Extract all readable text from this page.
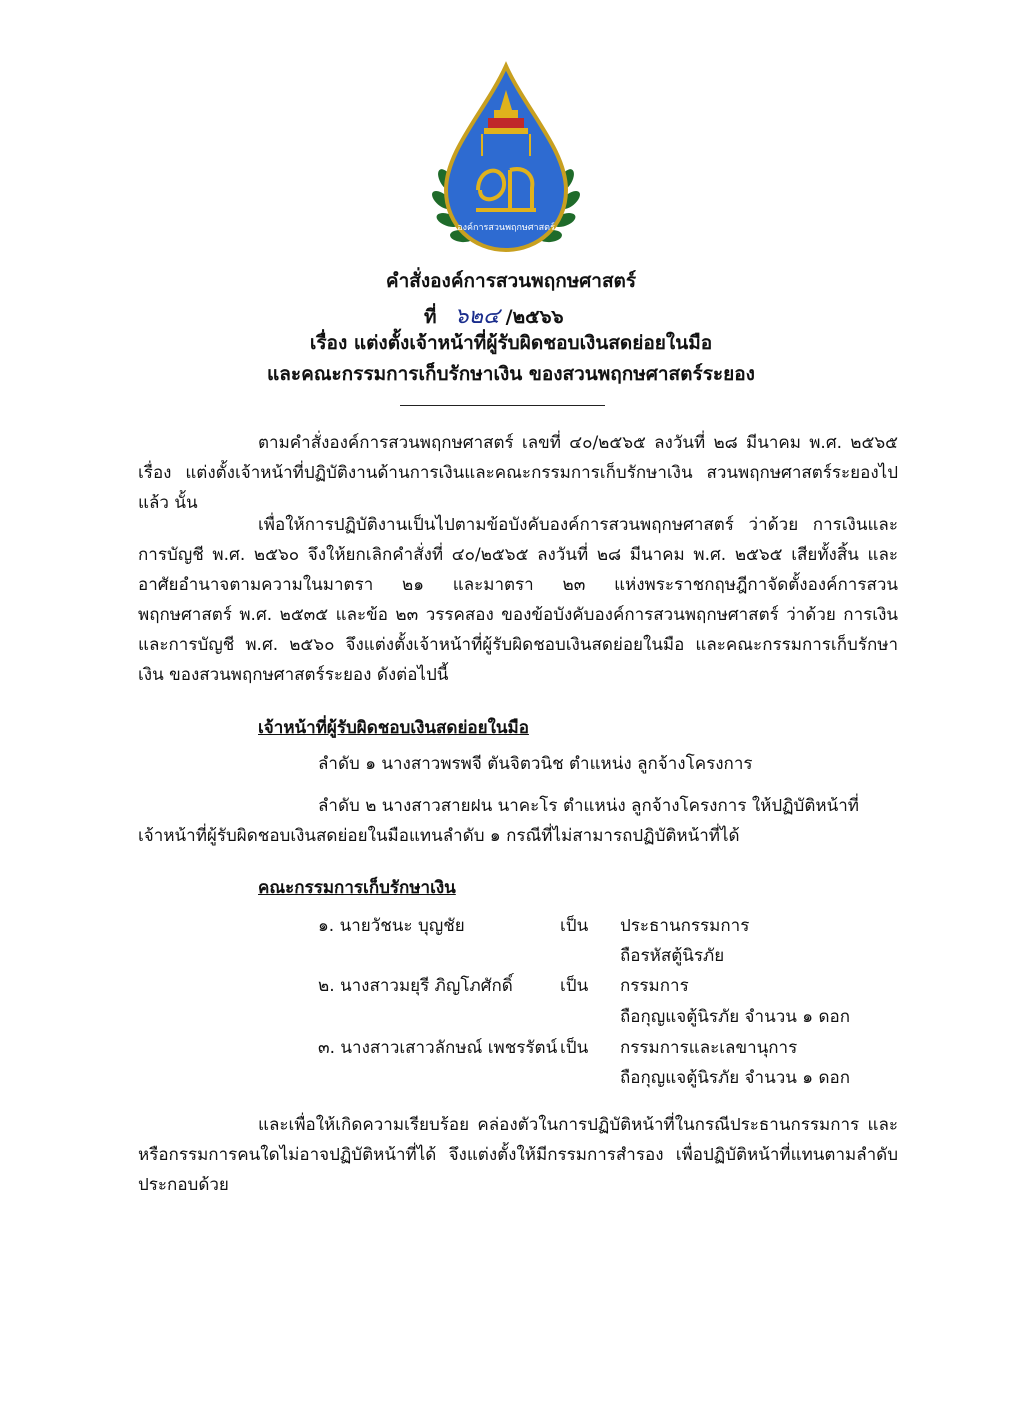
องค์การสวนพฤกษศาสตร์
คำสั่งองค์การสวนพฤกษศาสตร์
ที่ ๖๒๔ /๒๕๖๖
เรื่อง แต่งตั้งเจ้าหน้าที่ผู้รับผิดชอบเงินสดย่อยในมือ
และคณะกรรมการเก็บรักษาเงิน ของสวนพฤกษศาสตร์ระยอง
ตามคำสั่งองค์การสวนพฤกษศาสตร์ เลขที่ ๔๐/๒๕๖๕ ลงวันที่ ๒๘ มีนาคม พ.ศ. ๒๕๖๕ เรื่อง แต่งตั้งเจ้าหน้าที่ปฏิบัติงานด้านการเงินและคณะกรรมการเก็บรักษาเงิน สวนพฤกษศาสตร์ระยองไปแล้ว นั้น
เพื่อให้การปฏิบัติงานเป็นไปตามข้อบังคับองค์การสวนพฤกษศาสตร์ ว่าด้วย การเงินและการบัญชี พ.ศ. ๒๕๖๐ จึงให้ยกเลิกคำสั่งที่ ๔๐/๒๕๖๕ ลงวันที่ ๒๘ มีนาคม พ.ศ. ๒๕๖๕ เสียทั้งสิ้น และอาศัยอำนาจตามความในมาตรา ๒๑ และมาตรา ๒๓ แห่งพระราชกฤษฎีกาจัดตั้งองค์การสวนพฤกษศาสตร์ พ.ศ. ๒๕๓๕ และข้อ ๒๓ วรรคสอง ของข้อบังคับองค์การสวนพฤกษศาสตร์ ว่าด้วย การเงินและการบัญชี พ.ศ. ๒๕๖๐ จึงแต่งตั้งเจ้าหน้าที่ผู้รับผิดชอบเงินสดย่อยในมือ และคณะกรรมการเก็บรักษาเงิน ของสวนพฤกษศาสตร์ระยอง ดังต่อไปนี้
เจ้าหน้าที่ผู้รับผิดชอบเงินสดย่อยในมือ
ลำดับ ๑ นางสาวพรพจี ตันจิตวนิช ตำแหน่ง ลูกจ้างโครงการ
ลำดับ ๒ นางสาวสายฝน นาคะโร ตำแหน่ง ลูกจ้างโครงการ ให้ปฏิบัติหน้าที่
เจ้าหน้าที่ผู้รับผิดชอบเงินสดย่อยในมือแทนลำดับ ๑ กรณีที่ไม่สามารถปฏิบัติหน้าที่ได้
คณะกรรมการเก็บรักษาเงิน
๑. นายวัชนะ บุญชัย	เป็น ประธานกรรมการ
ถือรหัสตู้นิรภัย
๒. นางสาวมยุรี ภิญโภศักดิ์	เป็น กรรมการ
ถือกุญแจตู้นิรภัย จำนวน ๑ ดอก
๓. นางสาวเสาวลักษณ์ เพชรรัตน์ เป็น กรรมการและเลขานุการ
ถือกุญแจตู้นิรภัย จำนวน ๑ ดอก
และเพื่อให้เกิดความเรียบร้อย คล่องตัวในการปฏิบัติหน้าที่ในกรณีประธานกรรมการ และหรือกรรมการคนใดไม่อาจปฏิบัติหน้าที่ได้ จึงแต่งตั้งให้มีกรรมการสำรอง เพื่อปฏิบัติหน้าที่แทนตามลำดับ ประกอบด้วย
